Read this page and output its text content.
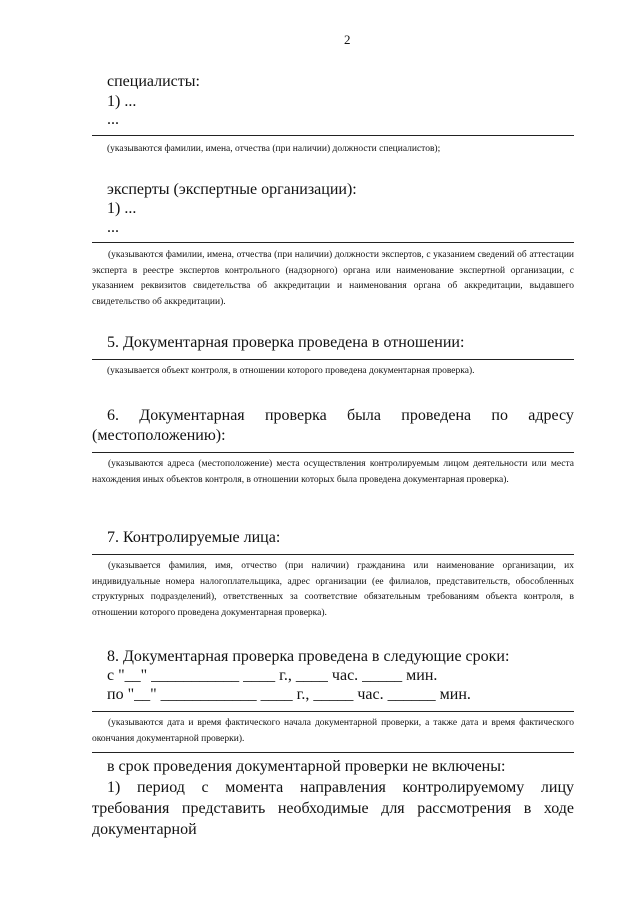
2
специалисты:
1) ...
...
(указываются фамилии, имена, отчества (при наличии) должности специалистов);
эксперты (экспертные организации):
1) ...
...
(указываются фамилии, имена, отчества (при наличии) должности экспертов, с указанием сведений об аттестации эксперта в реестре экспертов контрольного (надзорного) органа или наименование экспертной организации, с указанием реквизитов свидетельства об аккредитации и наименования органа об аккредитации, выдавшего свидетельство об аккредитации).
5. Документарная проверка проведена в отношении:
(указывается объект контроля, в отношении которого проведена документарная проверка).
6. Документарная проверка была проведена по адресу
(местоположению):
(указываются адреса (местоположение) места осуществления контролируемым лицом деятельности или места нахождения иных объектов контроля, в отношении которых была проведена документарная проверка).
7. Контролируемые лица:
(указывается фамилия, имя, отчество (при наличии) гражданина или наименование организации, их индивидуальные номера налогоплательщика, адрес организации (ее филиалов, представительств, обособленных структурных подразделений), ответственных за соответствие обязательным требованиям объекта контроля, в отношении которого проведена документарная проверка).
8. Документарная проверка проведена в следующие сроки:
с "__" ___________ ____ г., ____ час. _____ мин.
по "__" ____________ ____ г., _____ час. ______ мин.
(указываются дата и время фактического начала документарной проверки, а также дата и время фактического окончания документарной проверки).
в срок проведения документарной проверки не включены:
1) период с момента направления контролируемому лицу требования представить необходимые для рассмотрения в ходе документарной
